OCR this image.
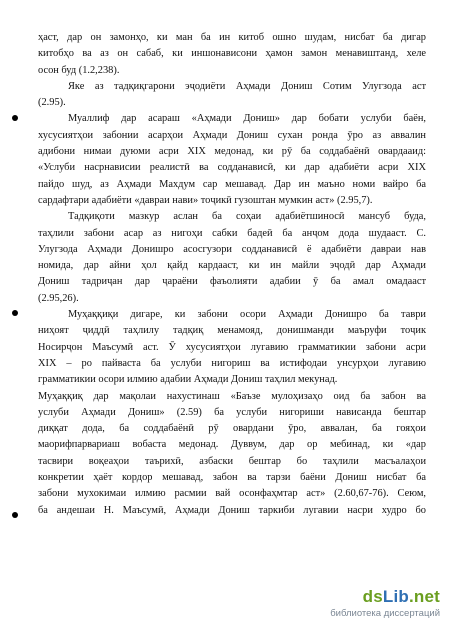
ҳаст, дар он замонҳо, ки ман ба ин китоб ошно шудам, нисбат ба дигар
китобҳо ва аз он сабаб, ки иншонависони ҳамон замон менавиштанд, хеле
осон буд (1.2,238).
Яке аз тадқиқгарони эҷодиёти Аҳмади Дониш Сотим Улугзода аст
(2.95).
Муаллиф дар асараш «Аҳмади Дониш» дар бобати услуби баён,
хусусиятҳои забонии асарҳои Аҳмади Дониш сухан ронда ӯро аз аввалин
адибони нимаи дуюми асри XIX медонад, ки рӯ ба соддабаёнӣ овардааид:
«Услуби насрнависии реалистӣ ва содданависӣ, ки дар адабиёти асри XIX
пайдо шуд, аз Аҳмади Махдум сар мешавад. Дар ин маънo номи вайро ба
сардафтари адабиёти «давраи нави» тоҷикӣ гузоштан мумкин аст» (2.95,7).
Тадқиқоти мазкур аслан ба соҳаи адабиётшиносӣ мансуб буда,
таҳлили забони асар аз нигоҳи сабки бадеӣ ба анҷом дода шудааст. С.
Улугзода Аҳмади Донишро асосгузори содданависӣ ё адабиёти давраи нав
номида, дар айни ҳол қайд кардааст, ки ин майли эҷодӣ дар Аҳмади
Дониш тадриҷан дар ҷараёни фаъолияти адабии ӯ ба амал омадааст
(2.95,26).
Муҳаққиқи дигаре, ки забони осори Аҳмади Донишро ба таври
ниҳоят ҷиддӣ таҳлилу тадқиқ менамояд, донишманди маъруфи тоҷик
Носирҷон Маъсумӣ аст. Ӯ хусусиятҳои лугавию грамматикии забони асри
XIX – ро пайваста ба услуби нигориш ва истифодаи унсурҳои лугавию
грамматикии осори илмию адабии Аҳмади Дониш таҳлил мекунад.
Муҳаққиқ дар мақолаи нахустинаш «Баъзе мулоҳизаҳо оид ба забон ва
услуби Аҳмади Дониш» (2.59) ба услуби нигориши нависанда бештар
диққат дода, ба соддабаёнӣ рӯ овардани ӯро, аввалан, ба гояҳои
маорифпарвариаш вобаста медонад. Дуввум, дар ор мебинад, ки «дар
тасвири воқеаҳои таърихӣ, азбаски бештар бо таҳлили масъалаҳои
конкретии ҳаёт кордор мешавад, забон ва тарзи баёни Дониш нисбат ба
забони мухокимаи илмию расмии вай осонфаҳмтар аст» (2.60,67-76). Сеюм,
ба андешаи Н. Маъсумӣ, Аҳмади Дониш таркиби лугавии насри худро бо
dsLib.net
библиотека диссертаций
